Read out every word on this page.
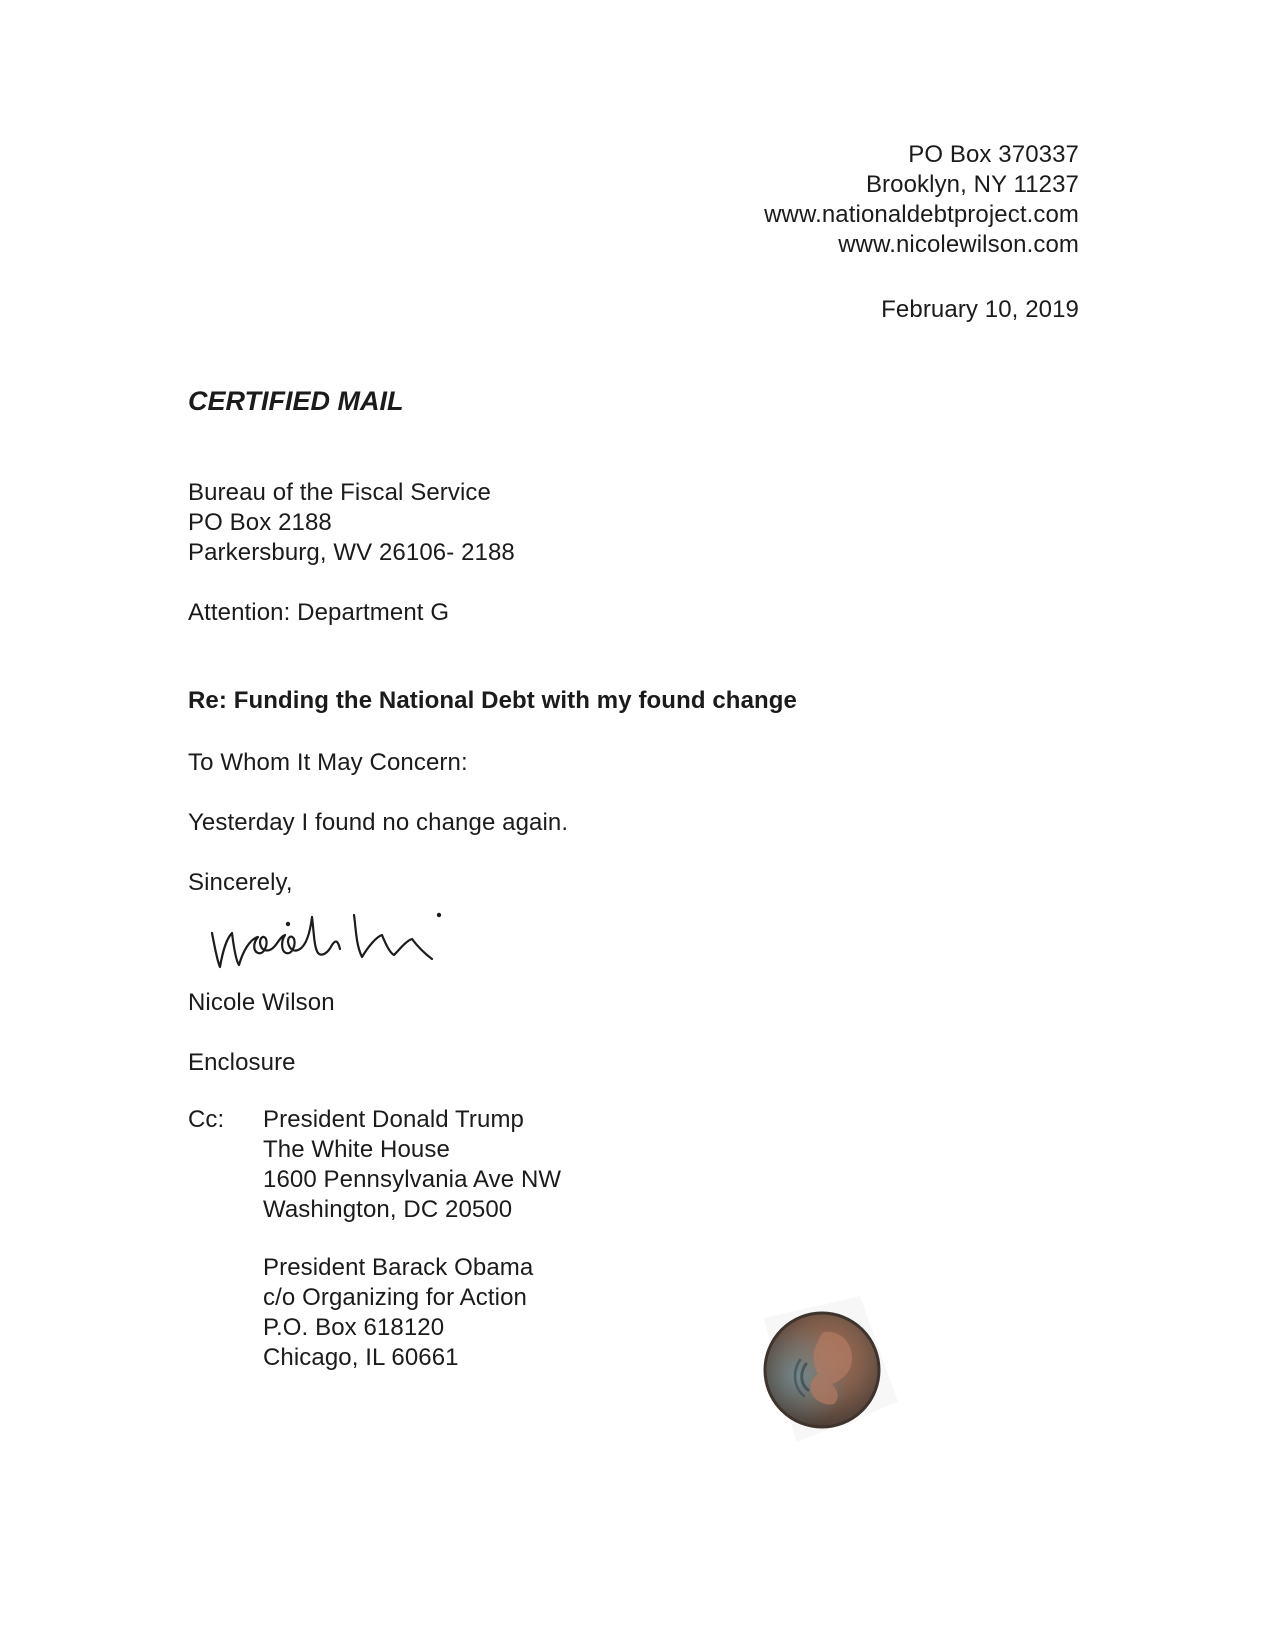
PO Box 370337
Brooklyn, NY 11237
www.nationaldebtproject.com
www.nicolewilson.com
February 10, 2019
CERTIFIED MAIL
Bureau of the Fiscal Service
PO Box 2188
Parkersburg, WV 26106- 2188
Attention: Department G
Re: Funding the National Debt with my found change
To Whom It May Concern:
Yesterday I found no change again.
Sincerely,
Nicole Wilson
Enclosure
Cc: President Donald Trump
The White House
1600 Pennsylvania Ave NW
Washington, DC 20500
President Barack Obama
c/o Organizing for Action
P.O. Box 618120
Chicago, IL 60661
